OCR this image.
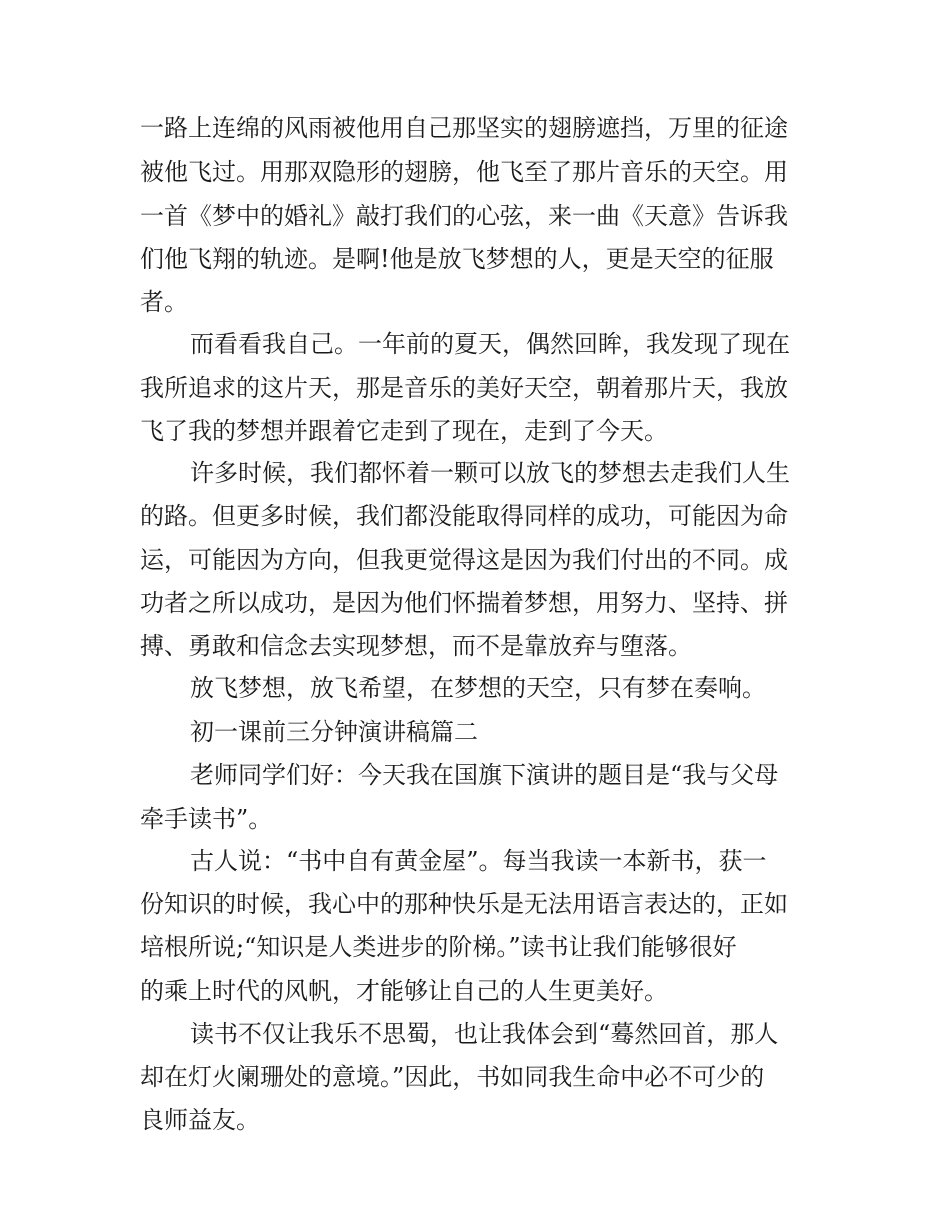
一路上连绵的风雨被他用自己那坚实的翅膀遮挡，万里的征途

被他飞过。用那双隐形的翅膀，他飞至了那片音乐的天空。用

一首《梦中的婚礼》敲打我们的心弦，来一曲《天意》告诉我

们他飞翔的轨迹。是啊!他是放飞梦想的人，更是天空的征服

者。

而看看我自己。一年前的夏天，偶然回眸，我发现了现在

我所追求的这片天，那是音乐的美好天空，朝着那片天，我放

飞了我的梦想并跟着它走到了现在，走到了今天。

许多时候，我们都怀着一颗可以放飞的梦想去走我们人生

的路。但更多时候，我们都没能取得同样的成功，可能因为命

运，可能因为方向，但我更觉得这是因为我们付出的不同。成

功者之所以成功，是因为他们怀揣着梦想，用努力、坚持、拼

搏、勇敢和信念去实现梦想，而不是靠放弃与堕落。

放飞梦想，放飞希望，在梦想的天空，只有梦在奏响。

初一课前三分钟演讲稿篇二

老师同学们好：今天我在国旗下演讲的题目是“我与父母

牵手读书”。

古人说：“书中自有黄金屋”。每当我读一本新书，获一

份知识的时候，我心中的那种快乐是无法用语言表达的，正如

培根所说;“知识是人类进步的阶梯。”读书让我们能够很好

的乘上时代的风帆，才能够让自己的人生更美好。

读书不仅让我乐不思蜀，也让我体会到“蓦然回首，那人

却在灯火阑珊处的意境。”因此，书如同我生命中必不可少的

良师益友。
